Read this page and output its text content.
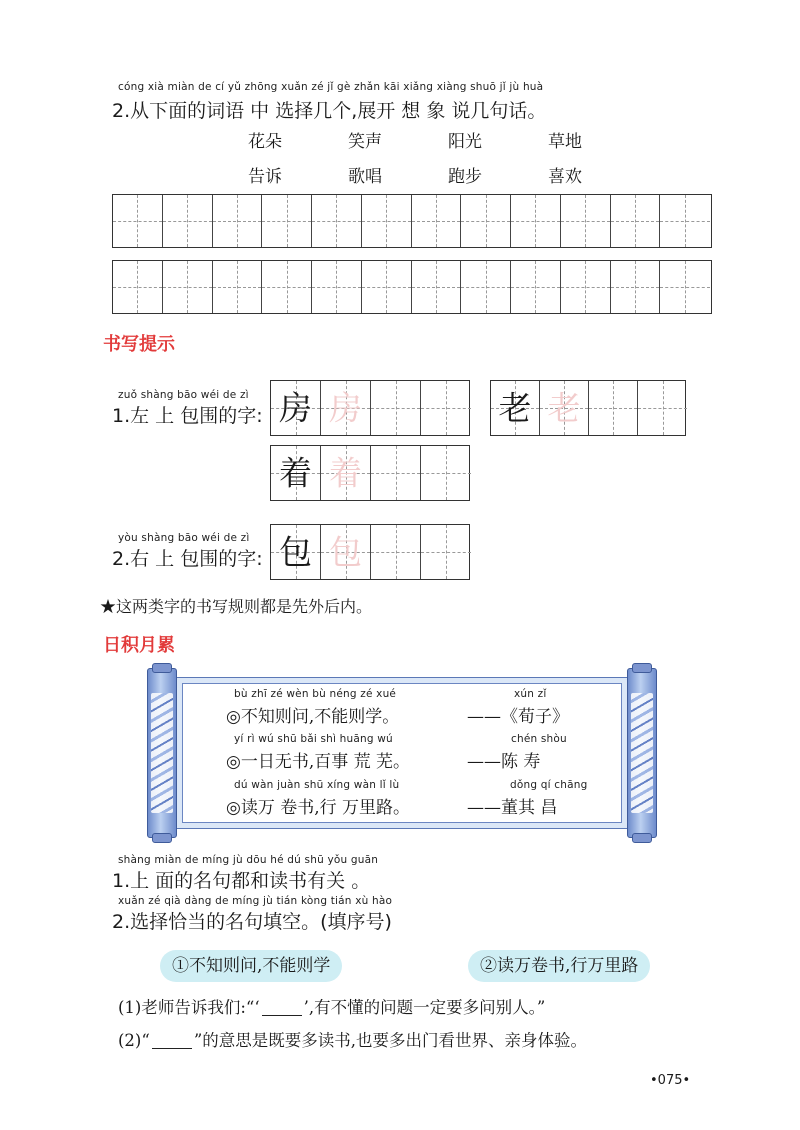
cóng xià miàn de cí yǔ zhōng xuǎn zé jǐ gè zhǎn kāi xiǎng xiàng shuō jǐ jù huà
2.从下面的词语 中 选择几个,展开 想 象 说几句话。
花朵	笑声	阳光	草地
告诉	歌唱	跑步	喜欢
书写提示
zuǒ shàng bāo wéi de zì
1.左 上 包围的字: 房 房	老 老
着 着
yòu shàng bāo wéi de zì
2.右 上 包围的字: 包 包
★这两类字的书写规则都是先外后内。
日积月累
bù zhī zé wèn bù néng zé xué	xún zǐ
◎不知则问,不能则学。	——《荀子》
yí rì wú shū bǎi shì huāng wú	chén shòu
◎一日无书,百事 荒 芜。	——陈 寿
dú wàn juàn shū xíng wàn lǐ lù	dǒng qí chāng
◎读万 卷书,行 万里路。	——董其 昌
shàng miàn de míng jù dōu hé dú shū yǒu guān
1.上 面的名句都和读书有关 。
xuǎn zé qià dàng de míng jù tián kòng tián xù hào
2.选择恰当的名句填空。(填序号)
①不知则问,不能则学	②读万卷书,行万里路
(1)老师告诉我们:“‘	’,有不懂的问题一定要多问别人。”
(2)“	”的意思是既要多读书,也要多出门看世界、亲身体验。
•075•
